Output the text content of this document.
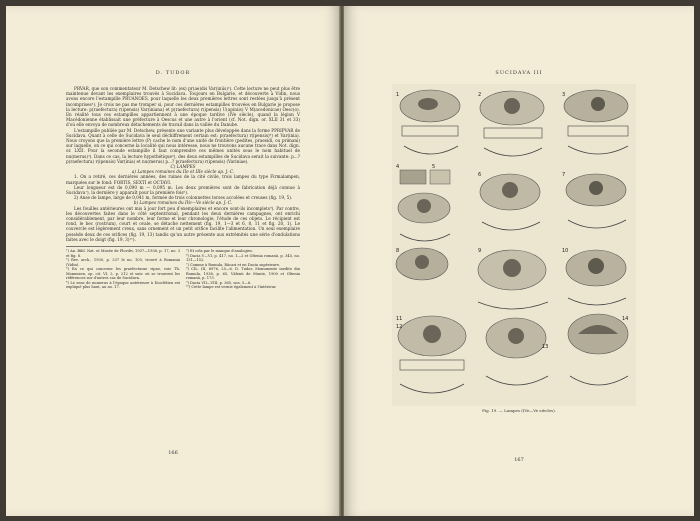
D. TUDOR

PRVAR, que son commentateur M. Detschew lit: (ex) pr(ae)dis Var(iniis)²). Cette lecture ne peut plus être maintenue devant les exemplaires trouvés à Sucidava. Toujours en Bulgarie, et découverte à Vidin, nous avons encore l'estampille PRUANOES, pour laquelle les deux premières lettres sont restées jusqu'à présent incomprises³). Je crois ne pas me tromper si, pour ces dernières estampilles trouvées en Bulgarie je propose la lecture: p(raefectura) r(ipensis) Var(iniana) et p(raefectura) r(ipensis) U(apiniis) V M(acedonicae) Oesc(o). En réalité tous ces estampilles appartiennent à une époque tardive (IVe siècle), quand la légion V Macédonienne établissait une préfecture à Oescus et une autre à l'orient (cf. Not. dign. or. XLII 31 et 33) d'où elle envoya de nombreux détachements de travail dans la vallée du Danube.

L'estampille publiée par M. Detschew, présente une variante plus développée dans la forme PPRIPVAR de Sucidava. Quant à celle de Sucidava le seul déchiffrement certain est: p(raefectura) r(ipensis)⁴) et Var(inia). Nous croyons que la première lettre (P) cache le nom d'une unité de frontière (pedites, praesidi, ou primani) sur laquelle, on ce qui concerne la localité qui nous intéresse, nous ne trouvons aucune trace dans Not. dign. or. LXII. Pour la seconde estampille il faut comprendre ces mêmes unités sous le nom habituel de nu(merus)⁵). Dans ce cas, la lecture hypothétique⁶), des deux estampilles de Sucidava serait la suivante: p...? p(raefectura) r(ipensis) Var(inia) et nu(merus) p...? p(raefectura) r(ipensis) (Variniae).

C) LAMPES

a) Lampes romaines du IIe et IIIe siècle ap. J.-C.

1. On a retiré, ces dernières années, des ruines de la cité civile, trois lampes du type Firmalampen, marquées sur le fond: FORTIS, SEXTI et OCTAVI.

Leur longueur est de 0,090 m — 0,095 m. Les deux premières sont de fabrication déjà connue à Sucidava⁷), la dernière y apparaît pour la première fois⁸).

2) Anse de lampe, large de 0,041 m, formée de trois colonnettes torses accolées et creuses (fig. 19, 5).

b) Lampes romaines du IVe—Ve siècle ap. J.-C.

Les fouilles antérieures ont mis à jour fort peu d'exemplaires et encore sont-ils incomplets⁹). Par contre, les découvertes faites dans le côté septentrional, pendant les deux dernières campagnes, ont enrichi considérablement, par leur nombre, leur forme et leur chronologie, l'étude de ces objets. Le récipient est rond, le bec (rostrum), court et ovale, se détache nettement (fig. 19, 1—3 et 6, 8, 11 et fig. 20, 1). Le couvercle est légèrement creux, sans ornement et un petit orifice facilite l'alimentation. Un seul exemplaire possède deux de ces orifices (fig. 19, 13) tandis qu'un autre présente aux extrémités une série d'ondulations faites avec le doigt (fig. 19, 3)¹⁰).

¹) An. Bibl. Nat. et Musée de Plovdiv, 1937—1938, p. 17, no. 3 et fig. 8.
²) Rev. arch., 1930, p. 337 le no. 105, trouvé à Romania (Vidin).
³) En ce qui concerne les praefecturae ripae, voir Th. Mommsen, op. cit. VI, 2, p. 212 et suiv. où se trouvent les références sur d'autres cas de Sucidava.
⁴) Le sens de numerus à l'époque antérieure à Dioclétien est expliqué plus haut, au no. 17.
⁵) Et cela par le manque d'analogies.
⁶) Dacia V—VI, p. 417, no. 1—2 et Oltenia romană, p. 345, no. 131—152.
⁷) Comme à Romula, Răcari et en Dacia supérieure.
⁸) CIL. III, 6976, 25—6. D. Tudor, Monumente inedite din Romula, 1938, p. 65, Vălenii de Munte, 1900 et Oltenia romană, p. 173.
⁹) Dacia VII—VIII, p. 365, nos. 5—6.
¹⁰) Cette lampe est vernie également à l'intérieur.
166
SUCIDAVA III
1	2	3
4	5
6	7
8	9	10
11
12
13
14
Fig. 19. — Lampes (IVe—Ve siècles).
167
